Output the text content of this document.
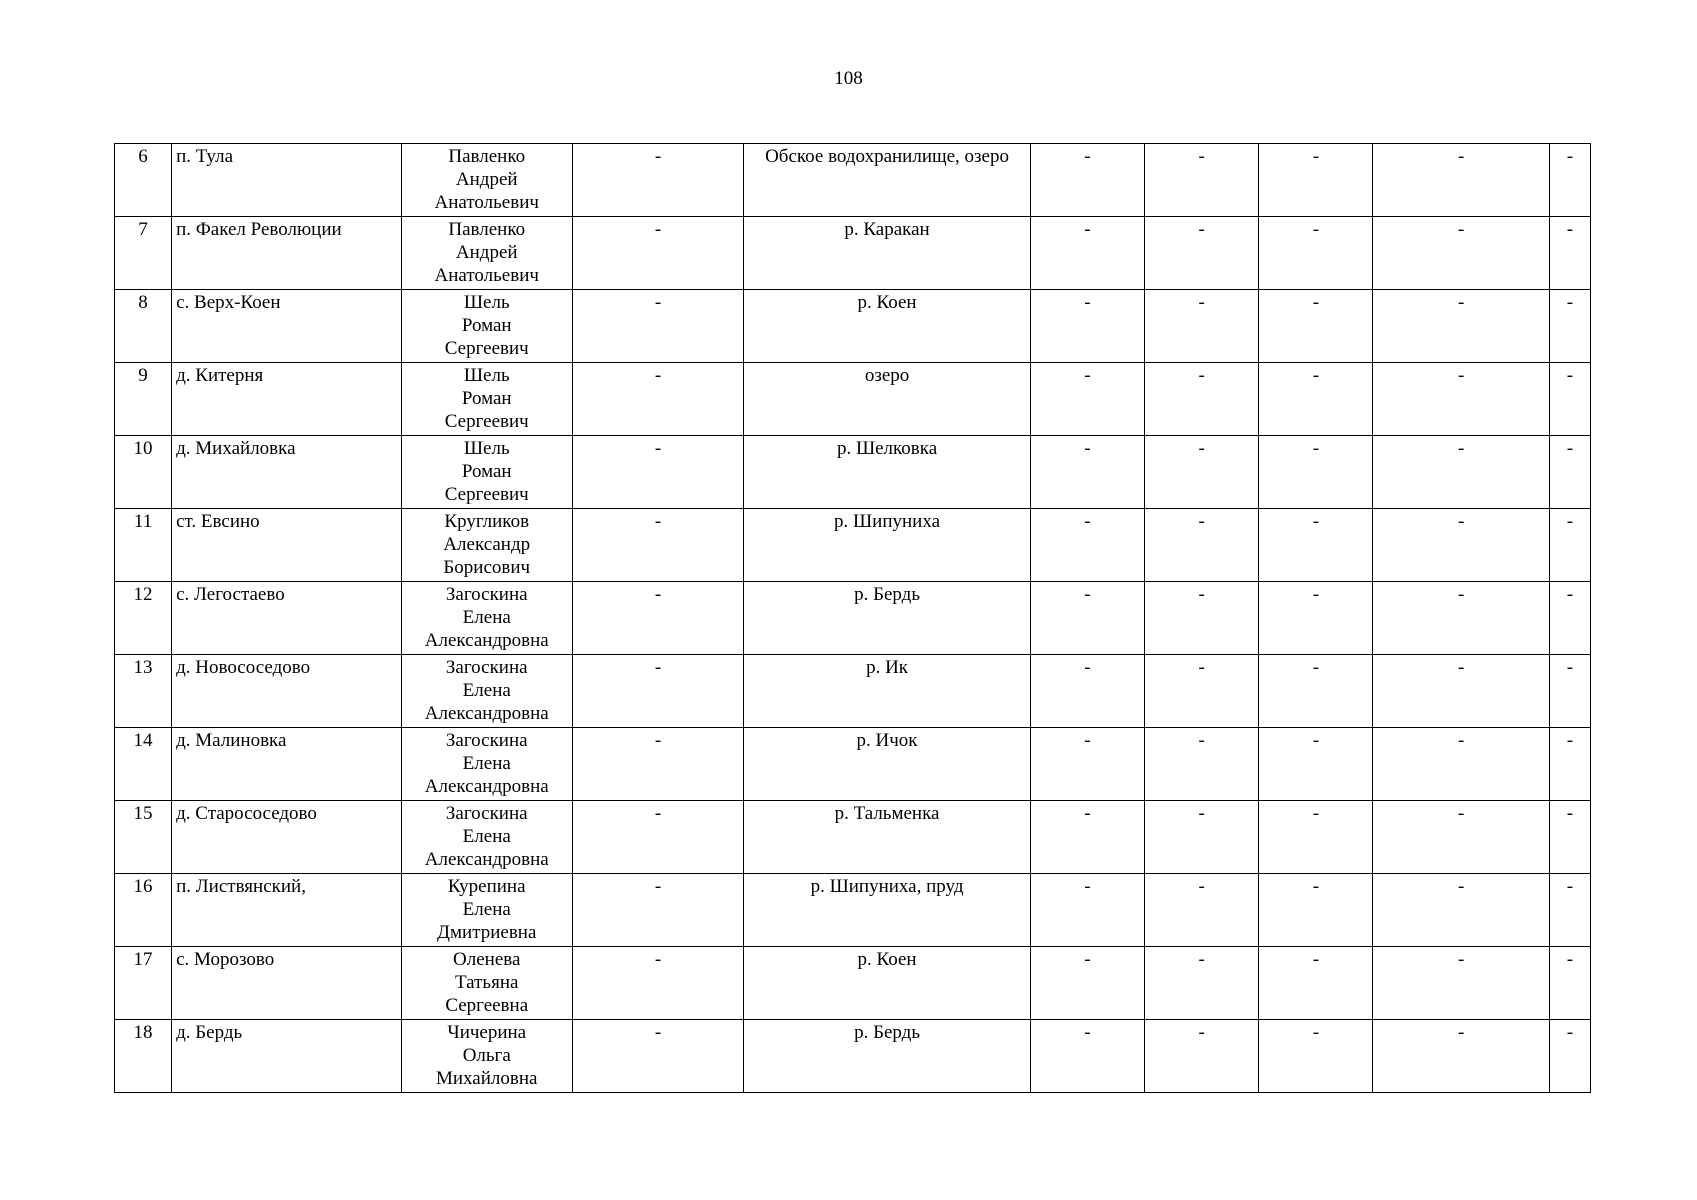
108
6	п. Тула	Павленко
Андрей
Анатольевич	-	Обское водохранилище, озеро	-	-	-	-	-
7	п. Факел Революции	Павленко
Андрей
Анатольевич	-	р. Каракан	-	-	-	-	-
8	с. Верх-Коен	Шель
Роман
Сергеевич	-	р. Коен	-	-	-	-	-
9	д. Китерня	Шель
Роман
Сергеевич	-	озеро	-	-	-	-	-
10	д. Михайловка	Шель
Роман
Сергеевич	-	р. Шелковка	-	-	-	-	-
11	ст. Евсино	Кругликов
Александр
Борисович	-	р. Шипуниха	-	-	-	-	-
12	с. Легостаево	Загоскина
Елена
Александровна	-	р. Бердь	-	-	-	-	-
13	д. Новососедово	Загоскина
Елена
Александровна	-	р. Ик	-	-	-	-	-
14	д. Малиновка	Загоскина
Елена
Александровна	-	р. Ичок	-	-	-	-	-
15	д. Старососедово	Загоскина
Елена
Александровна	-	р. Тальменка	-	-	-	-	-
16	п. Листвянский,	Курепина
Елена
Дмитриевна	-	р. Шипуниха, пруд	-	-	-	-	-
17	с. Морозово	Оленева
Татьяна
Сергеевна	-	р. Коен	-	-	-	-	-
18	д. Бердь	Чичерина
Ольга
Михайловна	-	р. Бердь	-	-	-	-	-
